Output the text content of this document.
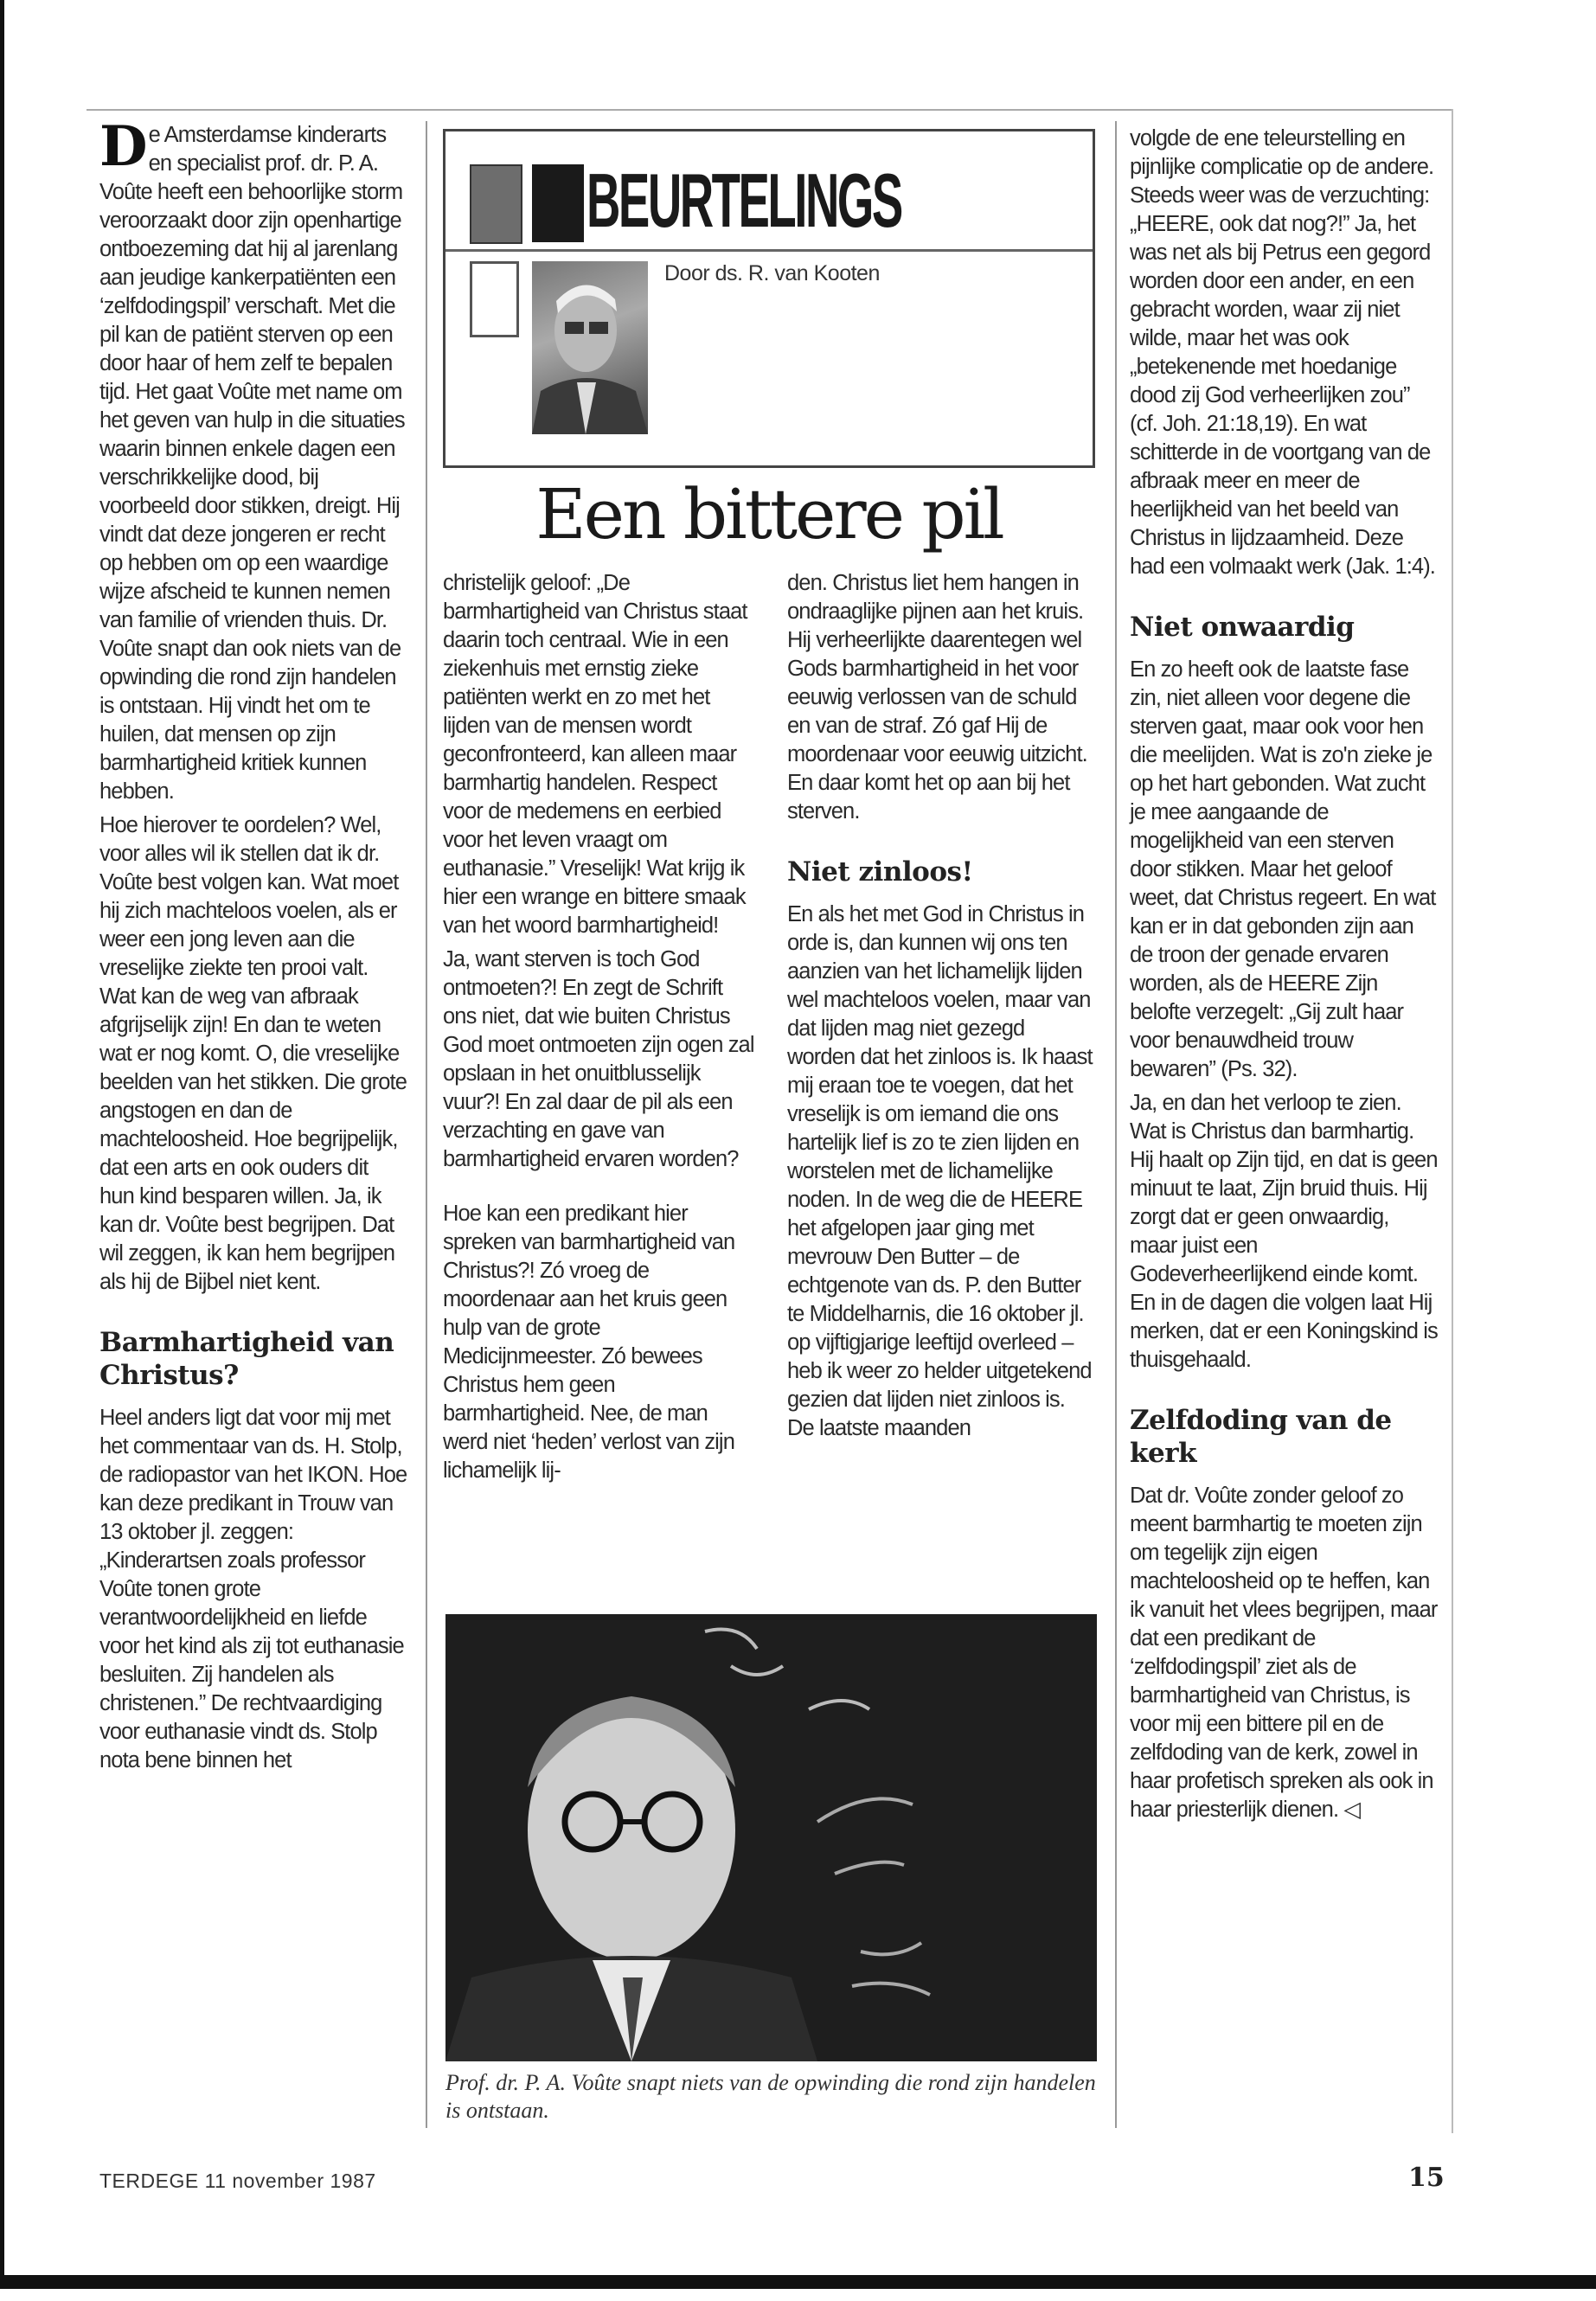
De Amsterdamse kinderarts en specialist prof. dr. P. A. Voûte heeft een behoorlijke storm veroorzaakt door zijn openhartige ontboezeming dat hij al jarenlang aan jeudige kankerpatiënten een ‘zelfdodingspil’ verschaft. Met die pil kan de patiënt sterven op een door haar of hem zelf te bepalen tijd. Het gaat Voûte met name om het geven van hulp in die situaties waarin binnen enkele dagen een verschrikkelijke dood, bij voorbeeld door stikken, dreigt. Hij vindt dat deze jongeren er recht op hebben om op een waardige wijze afscheid te kunnen nemen van familie of vrienden thuis. Dr. Voûte snapt dan ook niets van de opwinding die rond zijn handelen is ontstaan. Hij vindt het om te huilen, dat mensen op zijn barmhartigheid kritiek kunnen hebben.

Hoe hierover te oordelen? Wel, voor alles wil ik stellen dat ik dr. Voûte best volgen kan. Wat moet hij zich machteloos voelen, als er weer een jong leven aan die vreselijke ziekte ten prooi valt. Wat kan de weg van afbraak afgrijselijk zijn! En dan te weten wat er nog komt. O, die vreselijke beelden van het stikken. Die grote angstogen en dan de machteloosheid. Hoe begrijpelijk, dat een arts en ook ouders dit hun kind besparen willen. Ja, ik kan dr. Voûte best begrijpen. Dat wil zeggen, ik kan hem begrijpen als hij de Bijbel niet kent.

Barmhartigheid van Christus?

Heel anders ligt dat voor mij met het commentaar van ds. H. Stolp, de radiopastor van het IKON. Hoe kan deze predikant in Trouw van 13 oktober jl. zeggen: „Kinderartsen zoals professor Voûte tonen grote verantwoordelijkheid en liefde voor het kind als zij tot euthanasie besluiten. Zij handelen als christenen.” De rechtvaardiging voor euthanasie vindt ds. Stolp nota bene binnen het

BEURTELINGS
Door ds. R. van Kooten
Een bittere pil

christelijk geloof: „De barmhartigheid van Christus staat daarin toch centraal. Wie in een ziekenhuis met ernstig zieke patiënten werkt en zo met het lijden van de mensen wordt geconfronteerd, kan alleen maar barmhartig handelen. Respect voor de medemens en eerbied voor het leven vraagt om euthanasie.” Vreselijk! Wat krijg ik hier een wrange en bittere smaak van het woord barmhartigheid!

Ja, want sterven is toch God ontmoeten?! En zegt de Schrift ons niet, dat wie buiten Christus God moet ontmoeten zijn ogen zal opslaan in het onuitblusselijk vuur?! En zal daar de pil als een verzachting en gave van barmhartigheid ervaren worden?

Hoe kan een predikant hier spreken van barmhartigheid van Christus?! Zó vroeg de moordenaar aan het kruis geen hulp van de grote Medicijnmeester. Zó bewees Christus hem geen barmhartigheid. Nee, de man werd niet ‘heden’ verlost van zijn lichamelijk lij-

den. Christus liet hem hangen in ondraaglijke pijnen aan het kruis. Hij verheerlijkte daarentegen wel Gods barmhartigheid in het voor eeuwig verlossen van de schuld en van de straf. Zó gaf Hij de moordenaar voor eeuwig uitzicht. En daar komt het op aan bij het sterven.

Niet zinloos!

En als het met God in Christus in orde is, dan kunnen wij ons ten aanzien van het lichamelijk lijden wel machteloos voelen, maar van dat lijden mag niet gezegd worden dat het zinloos is. Ik haast mij eraan toe te voegen, dat het vreselijk is om iemand die ons hartelijk lief is zo te zien lijden en worstelen met de lichamelijke noden. In de weg die de HEERE het afgelopen jaar ging met mevrouw Den Butter – de echtgenote van ds. P. den Butter te Middelharnis, die 16 oktober jl. op vijftigjarige leeftijd overleed – heb ik weer zo helder uitgetekend gezien dat lijden niet zinloos is. De laatste maanden

Prof. dr. P. A. Voûte snapt niets van de opwinding die rond zijn handelen is ontstaan.

volgde de ene teleurstelling en pijnlijke complicatie op de andere. Steeds weer was de verzuchting: „HEERE, ook dat nog?!” Ja, het was net als bij Petrus een gegord worden door een ander, en een gebracht worden, waar zij niet wilde, maar het was ook „betekenende met hoedanige dood zij God verheerlijken zou” (cf. Joh. 21:18,19). En wat schitterde in de voortgang van de afbraak meer en meer de heerlijkheid van het beeld van Christus in lijdzaamheid. Deze had een volmaakt werk (Jak. 1:4).

Niet onwaardig

En zo heeft ook de laatste fase zin, niet alleen voor degene die sterven gaat, maar ook voor hen die meelijden. Wat is zo'n zieke je op het hart gebonden. Wat zucht je mee aangaande de mogelijkheid van een sterven door stikken. Maar het geloof weet, dat Christus regeert. En wat kan er in dat gebonden zijn aan de troon der genade ervaren worden, als de HEERE Zijn belofte verzegelt: „Gij zult haar voor benauwdheid trouw bewaren” (Ps. 32).

Ja, en dan het verloop te zien. Wat is Christus dan barmhartig. Hij haalt op Zijn tijd, en dat is geen minuut te laat, Zijn bruid thuis. Hij zorgt dat er geen onwaardig, maar juist een Godeverheerlijkend einde komt. En in de dagen die volgen laat Hij merken, dat er een Koningskind is thuisgehaald.

Zelfdoding van de kerk

Dat dr. Voûte zonder geloof zo meent barmhartig te moeten zijn om tegelijk zijn eigen machteloosheid op te heffen, kan ik vanuit het vlees begrijpen, maar dat een predikant de ‘zelfdodingspil’ ziet als de barmhartigheid van Christus, is voor mij een bittere pil en de zelfdoding van de kerk, zowel in haar profetisch spreken als ook in haar priesterlijk dienen. ◁

TERDEGE 11 november 1987	15
